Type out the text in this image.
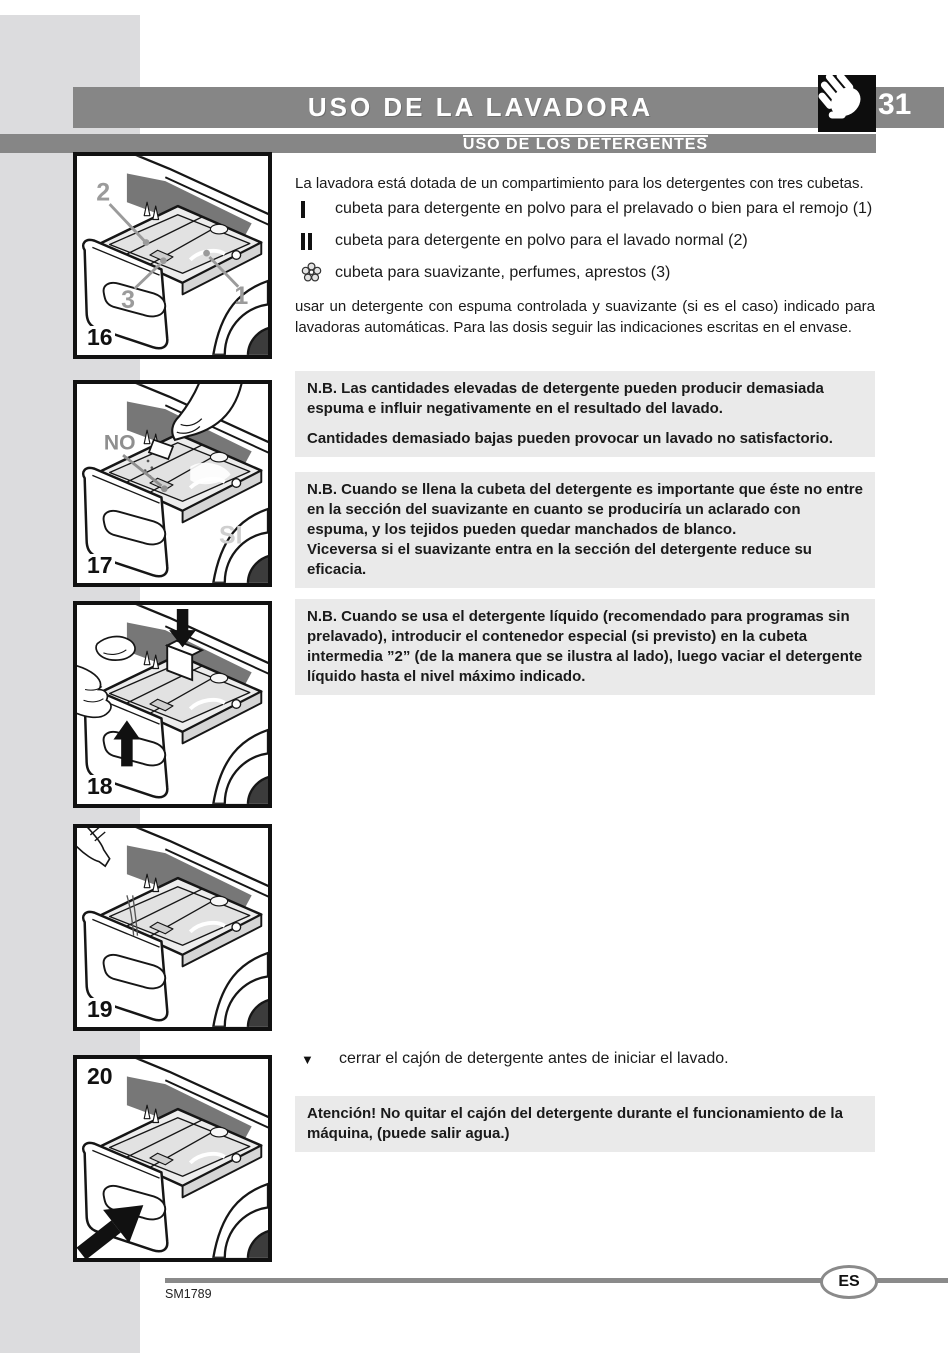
USO DE LA LAVADORA	31
USO DE LOS DETERGENTES
2
3	1
16
NO
SI
17
18
19
20

La lavadora está dotada de un compartimiento para los detergentes con tres cubetas.

cubeta para detergente en polvo para el prelavado o bien para el remojo (1)
cubeta para detergente en polvo para el lavado normal (2)
cubeta para suavizante, perfumes, aprestos (3)

usar un detergente con espuma controlada y suavizante (si es el caso) indicado para lavadoras automáticas. Para las dosis seguir las indicaciones escritas en el envase.

N.B. Las cantidades elevadas de detergente pueden producir demasiada espuma e influir negativamente en el resultado del lavado.

Cantidades demasiado bajas pueden provocar un lavado no satisfactorio.

N.B. Cuando se llena la cubeta del detergente es importante que éste no entre en la sección del suavizante en cuanto se produciría un aclarado con espuma, y los tejidos pueden quedar manchados de blanco.

Viceversa si el suavizante entra en la sección del detergente reduce su eficacia.

N.B. Cuando se usa el detergente líquido (recomendado para programas sin prelavado), introducir el contenedor especial (si previsto) en la cubeta intermedia ”2” (de la manera que se ilustra al lado), luego vaciar el detergente líquido hasta el nivel máximo indicado.

▼	cerrar el cajón de detergente antes de iniciar el lavado.

Atención! No quitar el cajón del detergente durante el funcionamiento de la máquina, (puede salir agua.)

ES
SM1789
